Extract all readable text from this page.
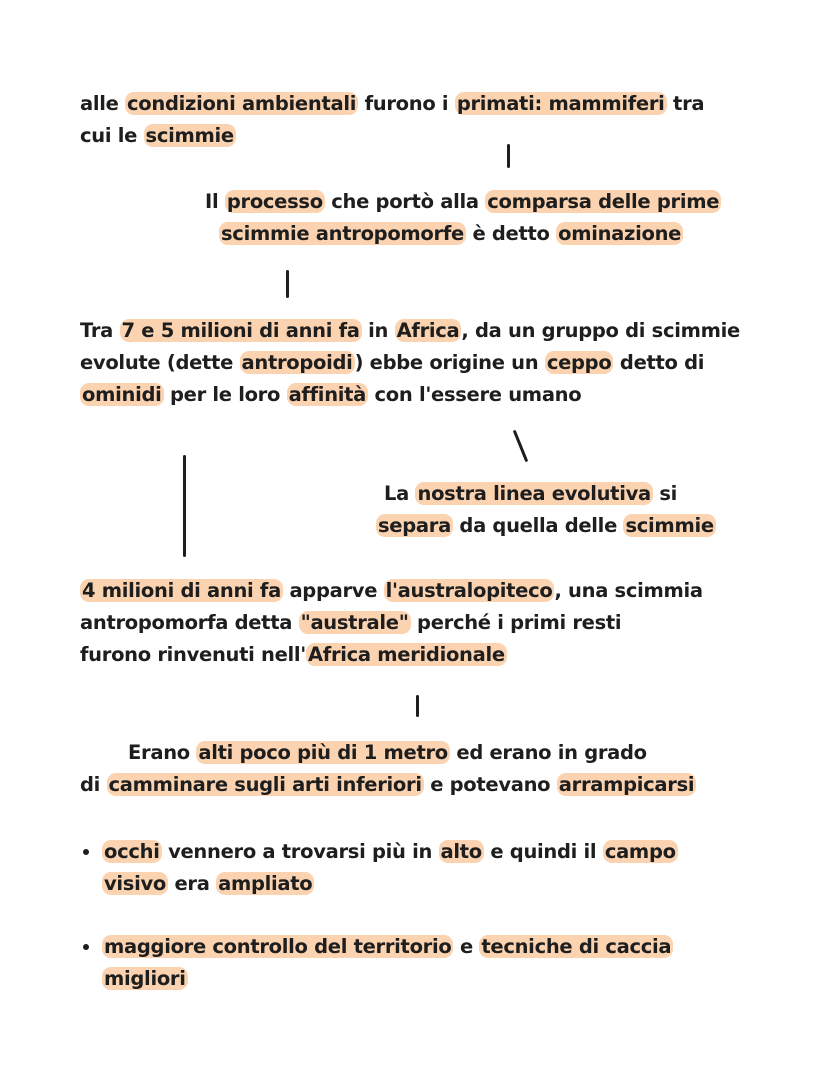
alle condizioni ambientali furono i primati: mammiferi tra
cui le scimmie
Il processo che portò alla comparsa delle prime
scimmie antropomorfe è detto ominazione
Tra 7 e 5 milioni di anni fa in Africa , da un gruppo di scimmie
evolute (dette antropoidi ) ebbe origine un ceppo detto di
ominidi per le loro affinità con l'essere umano
La nostra linea evolutiva si
separa da quella delle scimmie
4 milioni di anni fa apparve l'australopiteco , una scimmia
antropomorfa detta "australe" perché i primi resti
furono rinvenuti nell' Africa meridionale
Erano alti poco più di 1 metro ed erano in grado
di camminare sugli arti inferiori e potevano arrampicarsi
occhi vennero a trovarsi più in alto e quindi il campo
visivo era ampliato
maggiore controllo del territorio e tecniche di caccia
migliori
